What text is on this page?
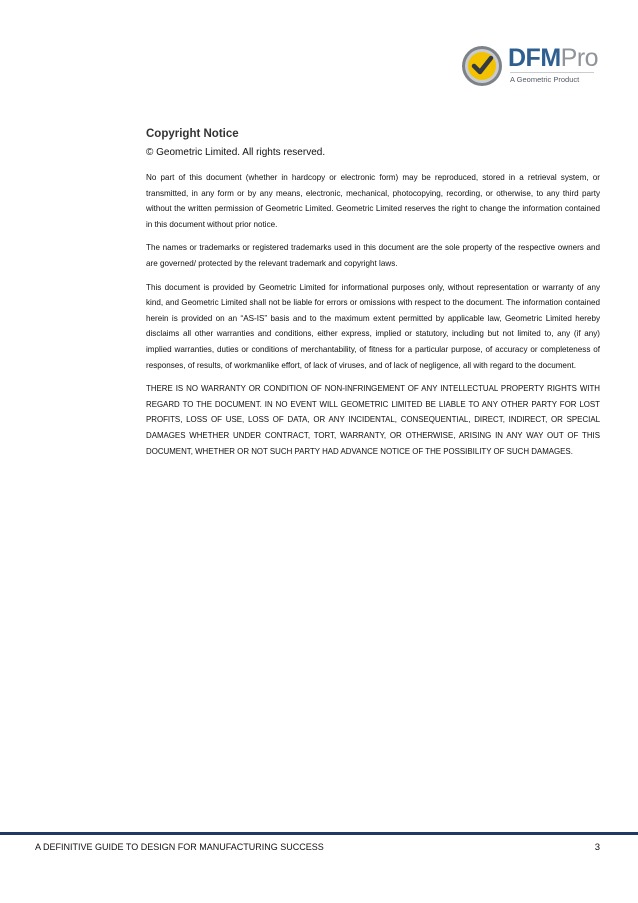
DFMPro
A Geometric Product
Copyright Notice

© Geometric Limited. All rights reserved.

No part of this document (whether in hardcopy or electronic form) may be reproduced, stored in a retrieval system, or transmitted, in any form or by any means, electronic, mechanical, photocopying, recording, or otherwise, to any third party without the written permission of Geometric Limited. Geometric Limited reserves the right to change the information contained in this document without prior notice.

The names or trademarks or registered trademarks used in this document are the sole property of the respective owners and are governed/ protected by the relevant trademark and copyright laws.

This document is provided by Geometric Limited for informational purposes only, without representation or warranty of any kind, and Geometric Limited shall not be liable for errors or omissions with respect to the document. The information contained herein is provided on an “AS-IS” basis and to the maximum extent permitted by applicable law, Geometric Limited hereby disclaims all other warranties and conditions, either express, implied or statutory, including but not limited to, any (if any) implied warranties, duties or conditions of merchantability, of fitness for a particular purpose, of accuracy or completeness of responses, of results, of workmanlike effort, of lack of viruses, and of lack of negligence, all with regard to the document.

THERE IS NO WARRANTY OR CONDITION OF NON-INFRINGEMENT OF ANY INTELLECTUAL PROPERTY RIGHTS WITH REGARD TO THE DOCUMENT. IN NO EVENT WILL GEOMETRIC LIMITED BE LIABLE TO ANY OTHER PARTY FOR LOST PROFITS, LOSS OF USE, LOSS OF DATA, OR ANY INCIDENTAL, CONSEQUENTIAL, DIRECT, INDIRECT, OR SPECIAL DAMAGES WHETHER UNDER CONTRACT, TORT, WARRANTY, OR OTHERWISE, ARISING IN ANY WAY OUT OF THIS DOCUMENT, WHETHER OR NOT SUCH PARTY HAD ADVANCE NOTICE OF THE POSSIBILITY OF SUCH DAMAGES.

A DEFINITIVE GUIDE TO DESIGN FOR MANUFACTURING SUCCESS	3
